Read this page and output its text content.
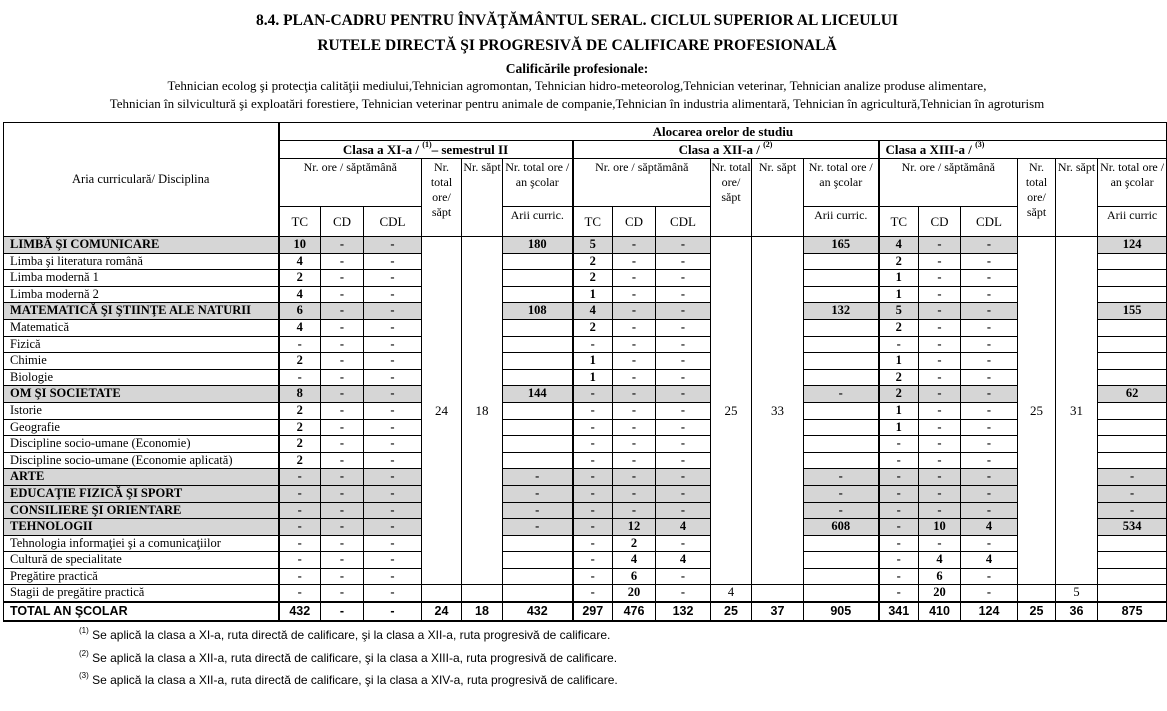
8.4. PLAN-CADRU PENTRU ÎNVĂŢĂMÂNTUL SERAL. CICLUL SUPERIOR AL LICEULUI
RUTELE DIRECTĂ ŞI PROGRESIVĂ DE CALIFICARE PROFESIONALĂ
Calificările profesionale:
Tehnician ecolog şi protecţia calităţii mediului,Tehnician agromontan, Tehnician hidro-meteorolog,Tehnician veterinar, Tehnician analize produse alimentare,
Tehnician în silvicultură şi exploatări forestiere, Tehnician veterinar pentru animale de companie,Tehnician în industria alimentară, Tehnician în agricultură,Tehnician în agroturism
Aria curriculară/ Disciplina	Alocarea orelor de studiu																	
	Clasa a XI-a / $^{(1)}$– semestrul II						Clasa a XII-a / $^{(2)}$						Clasa a XIII-a / $^{(3)}$
	Nr. ore / săptămână			Nr. total ore/ săpt	Nr. săpt	Nr. total ore / an şcolar	Nr. ore / săptămână			Nr. total ore/ săpt	Nr. săpt	Nr. total ore / an şcolar	Nr. ore / săptămână			Nr. total ore/ săpt	Nr. săpt	Nr. total ore / an şcolar
	TC	CD	CDL			Arii curric.	TC	CD	CDL			Arii curric.	TC	CD	CDL			Arii curric
LIMBĂ ŞI COMUNICARE	10	-	-	24	18	180	5	-	-	25	33	165	4	-	-	25	31	124
Limba şi literatura română	4	-	-				2	-	-				2	-	-			
Limba modernă 1	2	-	-				2	-	-				1	-	-			
Limba modernă 2	4	-	-				1	-	-				1	-	-			
MATEMATICĂ ŞI ŞTIINŢE ALE NATURII	6	-	-			108	4	-	-			132	5	-	-			155
Matematică	4	-	-				2	-	-				2	-	-			
Fizică	-	-	-				-	-	-				-	-	-			
Chimie	2	-	-				1	-	-				1	-	-			
Biologie	-	-	-				1	-	-				2	-	-			
OM ŞI SOCIETATE	8	-	-			144	-	-	-			-	2	-	-			62
Istorie	2	-	-				-	-	-				1	-	-			
Geografie	2	-	-				-	-	-				1	-	-			
Discipline socio-umane (Economie)	2	-	-				-	-	-				-	-	-			
Discipline socio-umane (Economie aplicată)	2	-	-				-	-	-				-	-	-			
ARTE	-	-	-			-	-	-	-			-	-	-	-			-
EDUCAŢIE FIZICĂ ŞI SPORT	-	-	-			-	-	-	-			-	-	-	-			-
CONSILIERE ŞI ORIENTARE	-	-	-			-	-	-	-			-	-	-	-			-
TEHNOLOGII	-	-	-			-	-	12	4			608	-	10	4			534
Tehnologia informaţiei şi a comunicaţiilor	-	-	-				-	2	-				-	-	-			
Cultură de specialitate	-	-	-				-	4	4				-	4	4			
Pregătire practică	-	-	-				-	6	-				-	6	-			
Stagii de pregătire practică	-	-	-				-	20	-	4			-	20	-		5	
TOTAL AN ŞCOLAR	432	-	-	24	18	432	297	476	132	25	37	905	341	410	124	25	36	875
$^{(1)}$ Se aplică la clasa a XI-a, ruta directă de calificare, şi la clasa a XII-a, ruta progresivă de calificare.
$^{(2)}$ Se aplică la clasa a XII-a, ruta directă de calificare, şi la clasa a XIII-a, ruta progresivă de calificare.
$^{(3)}$ Se aplică la clasa a XII-a, ruta directă de calificare, şi la clasa a XIV-a, ruta progresivă de calificare.
